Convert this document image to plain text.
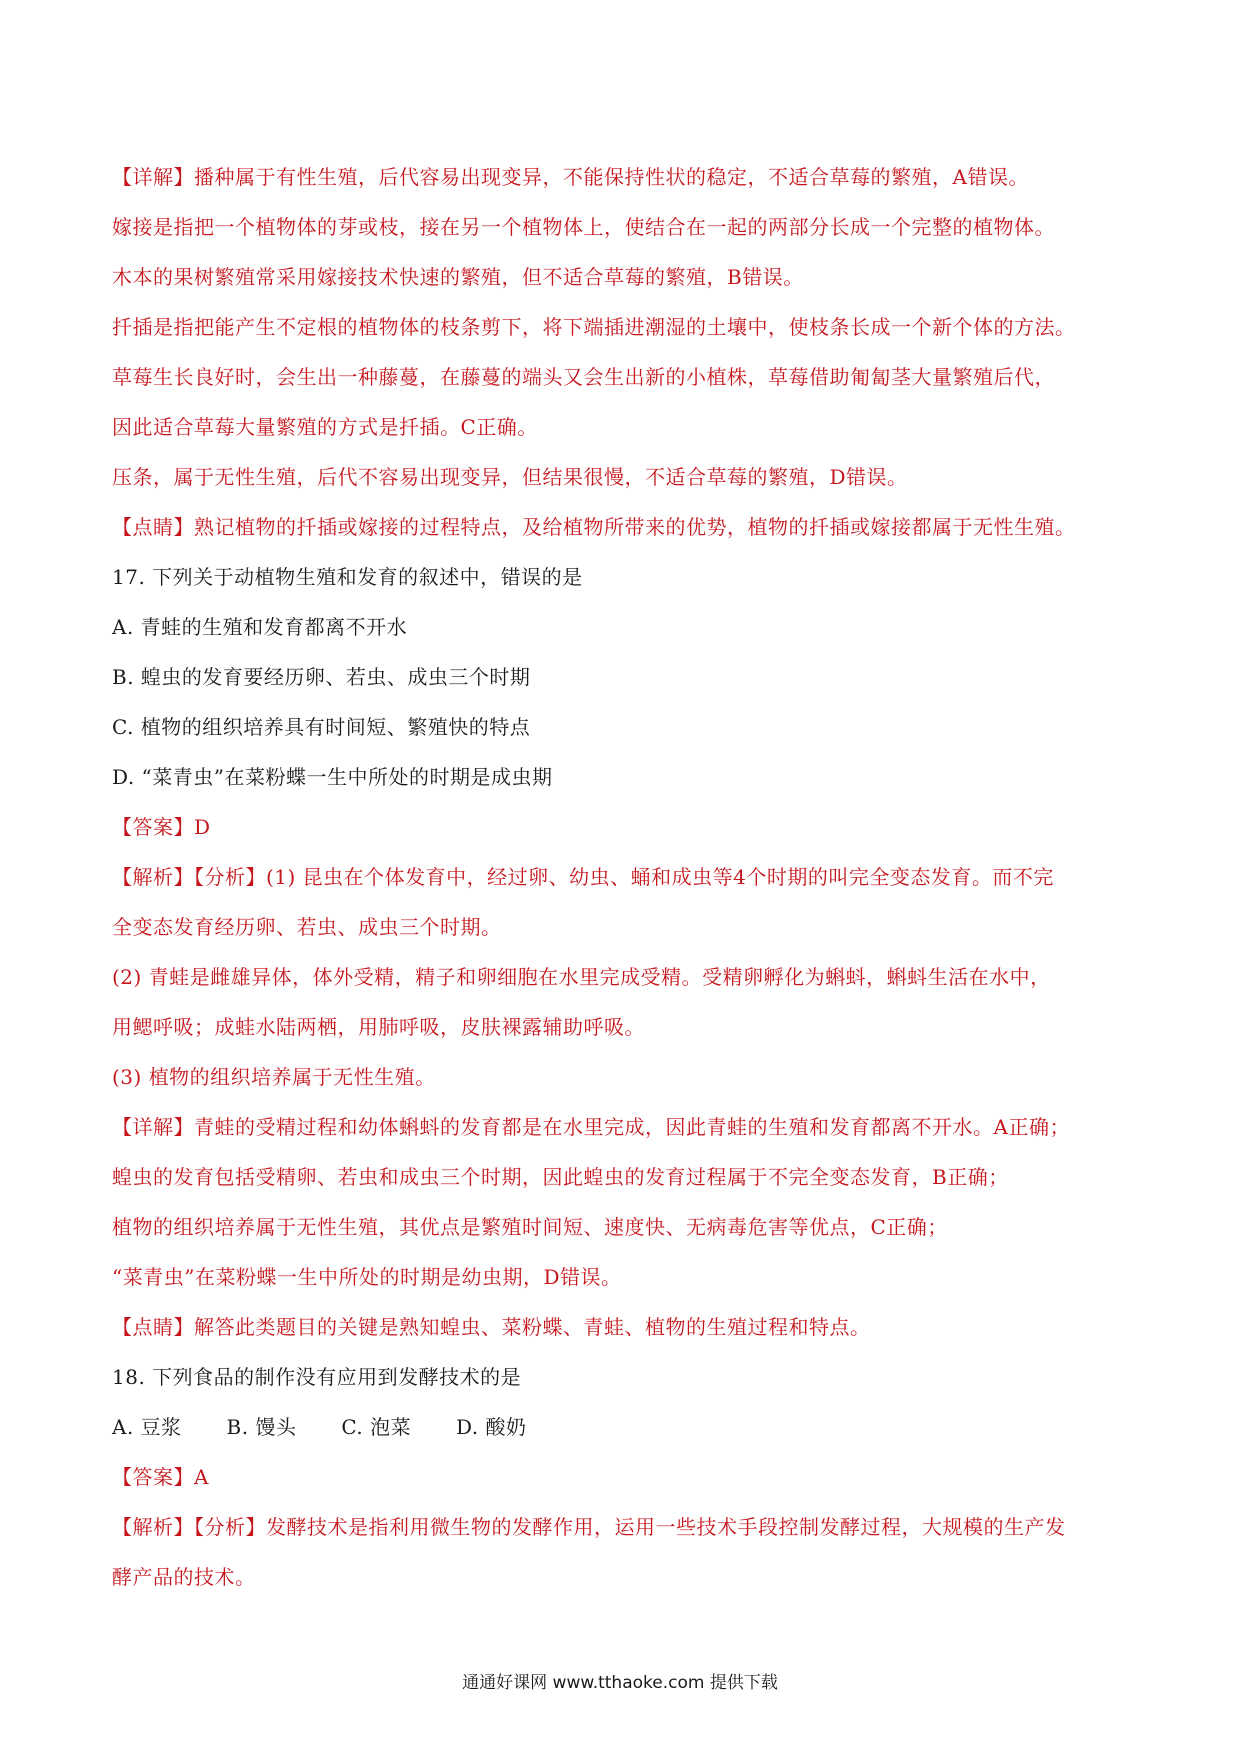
【详解】播种属于有性生殖，后代容易出现变异，不能保持性状的稳定，不适合草莓的繁殖，A错误。
嫁接是指把一个植物体的芽或枝，接在另一个植物体上，使结合在一起的两部分长成一个完整的植物体。
木本的果树繁殖常采用嫁接技术快速的繁殖，但不适合草莓的繁殖，B错误。
扦插是指把能产生不定根的植物体的枝条剪下，将下端插进潮湿的土壤中，使枝条长成一个新个体的方法。
草莓生长良好时，会生出一种藤蔓，在藤蔓的端头又会生出新的小植株，草莓借助匍匐茎大量繁殖后代，
因此适合草莓大量繁殖的方式是扦插。C正确。
压条，属于无性生殖，后代不容易出现变异，但结果很慢，不适合草莓的繁殖，D错误。
【点睛】熟记植物的扦插或嫁接的过程特点，及给植物所带来的优势，植物的扦插或嫁接都属于无性生殖。
17. 下列关于动植物生殖和发育的叙述中，错误的是
A. 青蛙的生殖和发育都离不开水
B. 蝗虫的发育要经历卵、若虫、成虫三个时期
C. 植物的组织培养具有时间短、繁殖快的特点
D. “菜青虫”在菜粉蝶一生中所处的时期是成虫期
【答案】D
【解析】【分析】(1) 昆虫在个体发育中，经过卵、幼虫、蛹和成虫等4个时期的叫完全变态发育。而不完
全变态发育经历卵、若虫、成虫三个时期。
(2) 青蛙是雌雄异体，体外受精，精子和卵细胞在水里完成受精。受精卵孵化为蝌蚪，蝌蚪生活在水中，
用鳃呼吸；成蛙水陆两栖，用肺呼吸，皮肤裸露辅助呼吸。
(3) 植物的组织培养属于无性生殖。
【详解】青蛙的受精过程和幼体蝌蚪的发育都是在水里完成，因此青蛙的生殖和发育都离不开水。A正确；
蝗虫的发育包括受精卵、若虫和成虫三个时期，因此蝗虫的发育过程属于不完全变态发育，B正确；
植物的组织培养属于无性生殖，其优点是繁殖时间短、速度快、无病毒危害等优点，C正确；
“菜青虫”在菜粉蝶一生中所处的时期是幼虫期，D错误。
【点睛】解答此类题目的关键是熟知蝗虫、菜粉蝶、青蛙、植物的生殖过程和特点。
18. 下列食品的制作没有应用到发酵技术的是
A. 豆浆 B. 馒头 C. 泡菜 D. 酸奶
【答案】A
【解析】【分析】发酵技术是指利用微生物的发酵作用，运用一些技术手段控制发酵过程，大规模的生产发
酵产品的技术。
通通好课网 www.tthaoke.com 提供下载
